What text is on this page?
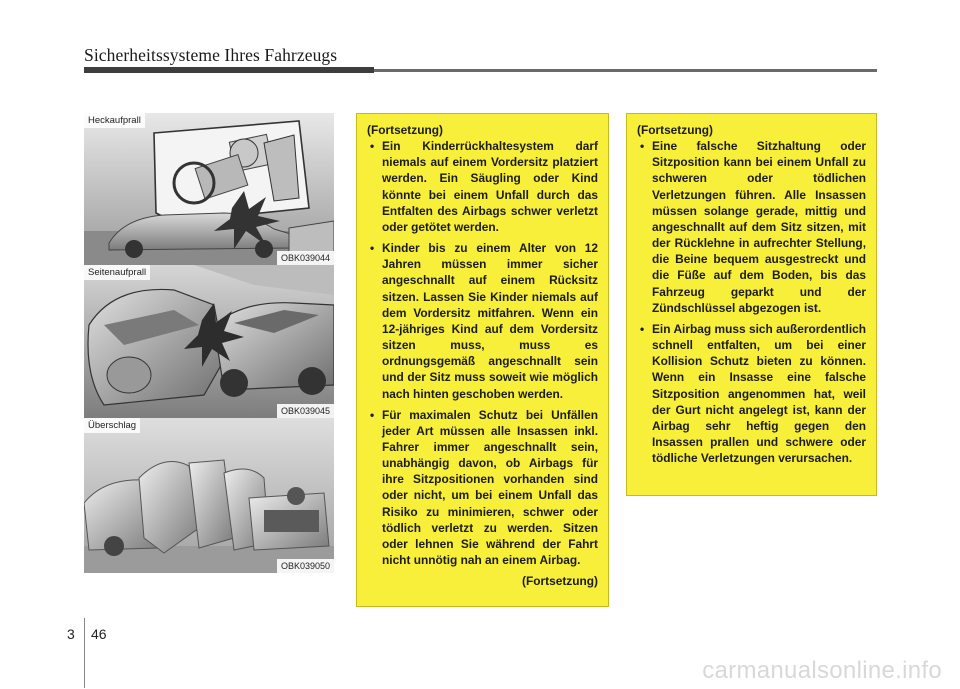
Sicherheitssysteme Ihres Fahrzeugs
Heckaufprall
OBK039044
Seitenaufprall
OBK039045
Überschlag
OBK039050

(Fortsetzung)

• Ein Kinderrückhaltesystem darf niemals auf einem Vordersitz platziert werden. Ein Säugling oder Kind könnte bei einem Unfall durch das Entfalten des Airbags schwer verletzt oder getötet werden.
• Kinder bis zu einem Alter von 12 Jahren müssen immer sicher angeschnallt auf einem Rücksitz sitzen. Lassen Sie Kinder niemals auf dem Vordersitz mitfahren. Wenn ein 12-jähriges Kind auf dem Vordersitz sitzen muss, muss es ordnungsgemäß angeschnallt sein und der Sitz muss soweit wie möglich nach hinten geschoben werden.
• Für maximalen Schutz bei Unfällen jeder Art müssen alle Insassen inkl. Fahrer immer angeschnallt sein, unabhängig davon, ob Airbags für ihre Sitzpositionen vorhanden sind oder nicht, um bei einem Unfall das Risiko zu minimieren, schwer oder tödlich verletzt zu werden. Sitzen oder lehnen Sie während der Fahrt nicht unnötig nah an einem Airbag.

(Fortsetzung)

(Fortsetzung)

• Eine falsche Sitzhaltung oder Sitzposition kann bei einem Unfall zu schweren oder tödlichen Verletzungen führen. Alle Insassen müssen solange gerade, mittig und angeschnallt auf dem Sitz sitzen, mit der Rücklehne in aufrechter Stellung, die Beine bequem ausgestreckt und die Füße auf dem Boden, bis das Fahrzeug geparkt und der Zündschlüssel abgezogen ist.
• Ein Airbag muss sich außerordentlich schnell entfalten, um bei einer Kollision Schutz bieten zu können. Wenn ein Insasse eine falsche Sitzposition angenommen hat, weil der Gurt nicht angelegt ist, kann der Airbag sehr heftig gegen den Insassen prallen und schwere oder tödliche Verletzungen verursachen.
3 46
carmanualsonline.info
